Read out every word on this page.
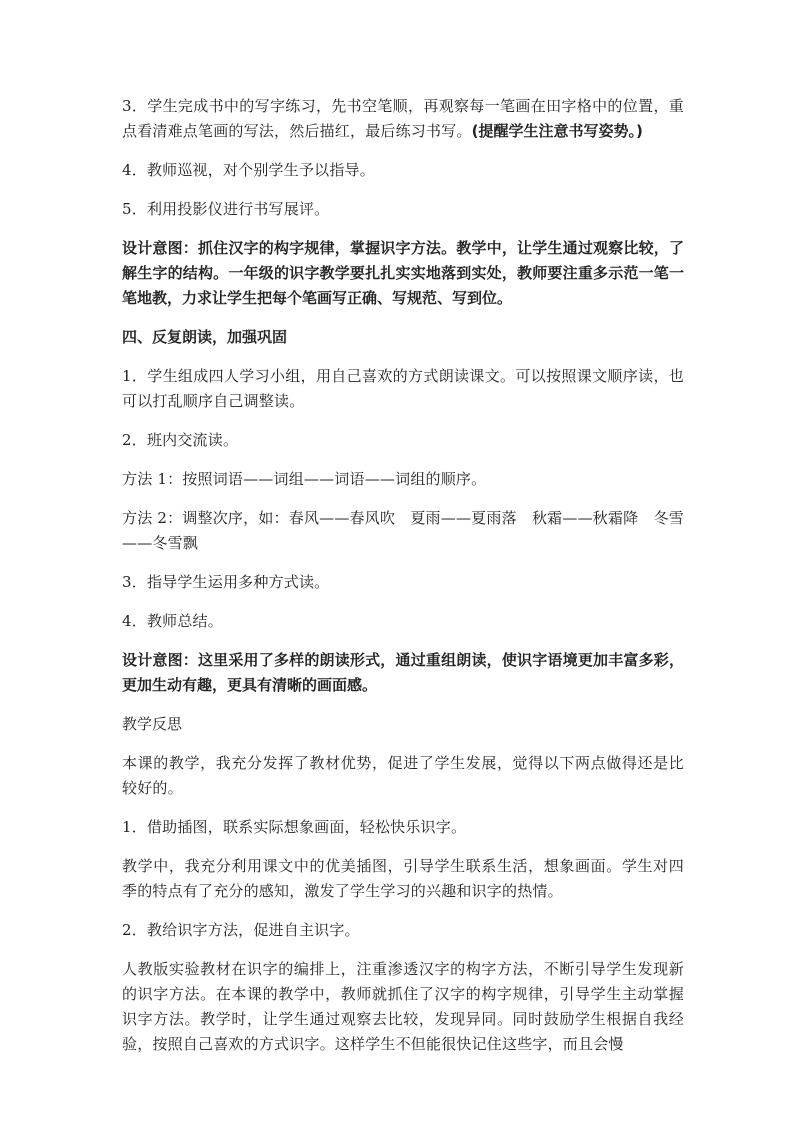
3．学生完成书中的写字练习，先书空笔顺，再观察每一笔画在田字格中的位置，重点看清难点笔画的写法，然后描红，最后练习书写。(提醒学生注意书写姿势。)

4．教师巡视，对个别学生予以指导。

5．利用投影仪进行书写展评。

设计意图：抓住汉字的构字规律，掌握识字方法。教学中，让学生通过观察比较，了解生字的结构。一年级的识字教学要扎扎实实地落到实处，教师要注重多示范一笔一笔地教，力求让学生把每个笔画写正确、写规范、写到位。

四、反复朗读，加强巩固

1．学生组成四人学习小组，用自己喜欢的方式朗读课文。可以按照课文顺序读，也可以打乱顺序自己调整读。

2．班内交流读。

方法 1：按照词语——词组——词语——词组的顺序。

方法 2：调整次序，如：春风——春风吹　夏雨——夏雨落　秋霜——秋霜降　冬雪——冬雪飘

3．指导学生运用多种方式读。

4．教师总结。

设计意图：这里采用了多样的朗读形式，通过重组朗读，使识字语境更加丰富多彩，更加生动有趣，更具有清晰的画面感。

教学反思

本课的教学，我充分发挥了教材优势，促进了学生发展，觉得以下两点做得还是比较好的。

1．借助插图，联系实际想象画面，轻松快乐识字。

教学中，我充分利用课文中的优美插图，引导学生联系生活，想象画面。学生对四季的特点有了充分的感知，激发了学生学习的兴趣和识字的热情。

2．教给识字方法，促进自主识字。

人教版实验教材在识字的编排上，注重渗透汉字的构字方法，不断引导学生发现新的识字方法。在本课的教学中，教师就抓住了汉字的构字规律，引导学生主动掌握识字方法。教学时，让学生通过观察去比较，发现异同。同时鼓励学生根据自我经验，按照自己喜欢的方式识字。这样学生不但能很快记住这些字，而且会慢
